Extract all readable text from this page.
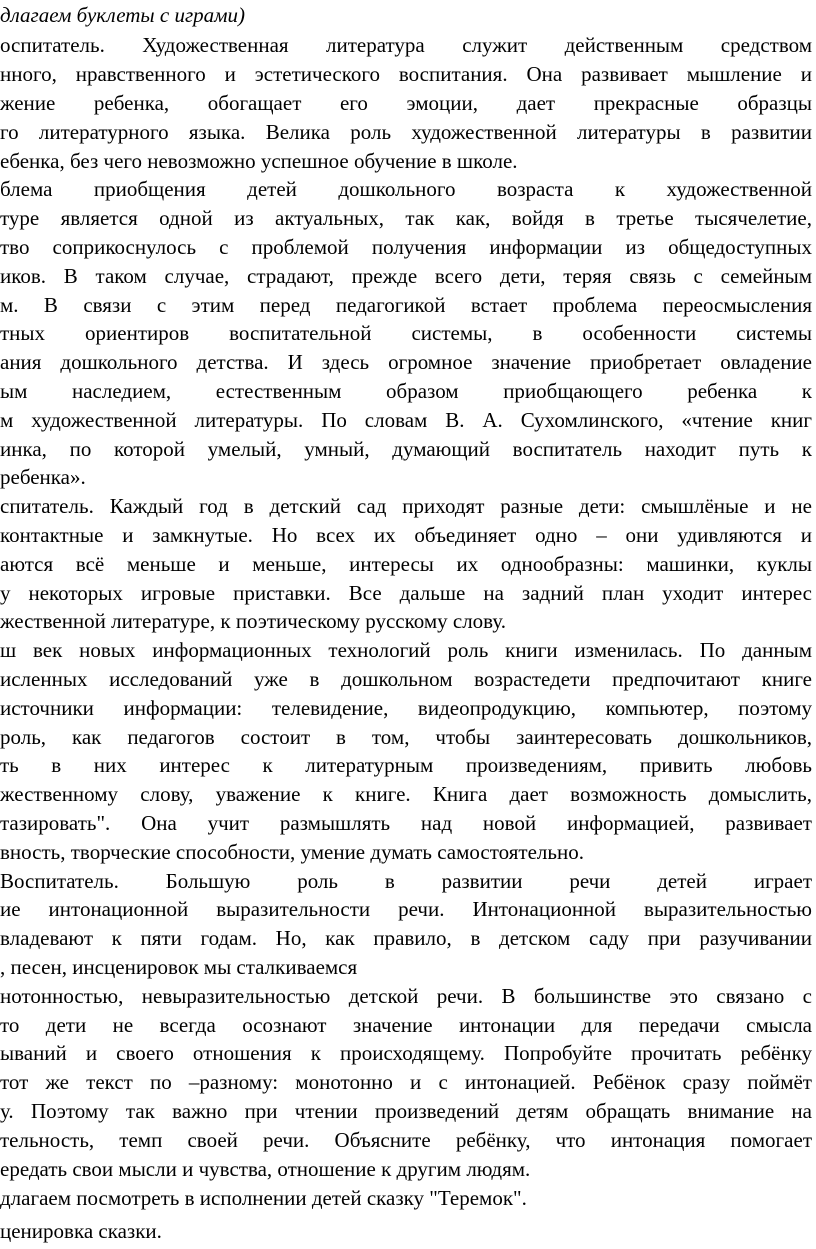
длагаем буклеты с играми)
оспитатель. Художественная литература служит действенным средством
нного, нравственного и эстетического воспитания. Она развивает мышление и
жение ребенка, обогащает его эмоции, дает прекрасные образцы
го литературного языка. Велика роль художественной литературы в развитии
ебенка, без чего невозможно успешное обучение в школе.
блема приобщения детей дошкольного возраста к художественной
туре является одной из актуальных, так как, войдя в третье тысячелетие,
тво соприкоснулось с проблемой получения информации из общедоступных
иков. В таком случае, страдают, прежде всего дети, теряя связь с семейным
м. В связи с этим перед педагогикой встает проблема переосмысления
тных ориентиров воспитательной системы, в особенности системы
ания дошкольного детства. И здесь огромное значение приобретает овладение
ым наследием, естественным образом приобщающего ребенка к
м художественной литературы. По словам В. А. Сухомлинского, «чтение книг
инка, по которой умелый, умный, думающий воспитатель находит путь к
ребенка».
спитатель. Каждый год в детский сад приходят разные дети: смышлёные и не
контактные и замкнутые. Но всех их объединяет одно – они удивляются и
аются всё меньше и меньше, интересы их однообразны: машинки, куклы
у некоторых игровые приставки. Все дальше на задний план уходит интерес
жественной литературе, к поэтическому русскому слову.
ш век новых информационных технологий роль книги изменилась. По данным
исленных исследований уже в дошкольном возрастедети предпочитают книге
источники информации: телевидение, видеопродукцию, компьютер, поэтому
роль, как педагогов состоит в том, чтобы заинтересовать дошкольников,
ть в них интерес к литературным произведениям, привить любовь
жественному слову, уважение к книге. Книга дает возможность домыслить,
тазировать". Она учит размышлять над новой информацией, развивает
вность, творческие способности, умение думать самостоятельно.
Воспитатель. Большую роль в развитии речи детей играет
ие интонационной выразительности речи. Интонационной выразительностью
владевают к пяти годам. Но, как правило, в детском саду при разучивании
, песен, инсценировок мы сталкиваемся
нотонностью, невыразительностью детской речи. В большинстве это связано с
то дети не всегда осознают значение интонации для передачи смысла
ываний и своего отношения к происходящему. Попробуйте прочитать ребёнку
тот же текст по –разному: монотонно и с интонацией. Ребёнок сразу поймёт
у. Поэтому так важно при чтении произведений детям обращать внимание на
тельность, темп своей речи. Объясните ребёнку, что интонация помогает
ередать свои мысли и чувства, отношение к другим людям.
длагаем посмотреть в исполнении детей сказку "Теремок".
ценировка сказки.
